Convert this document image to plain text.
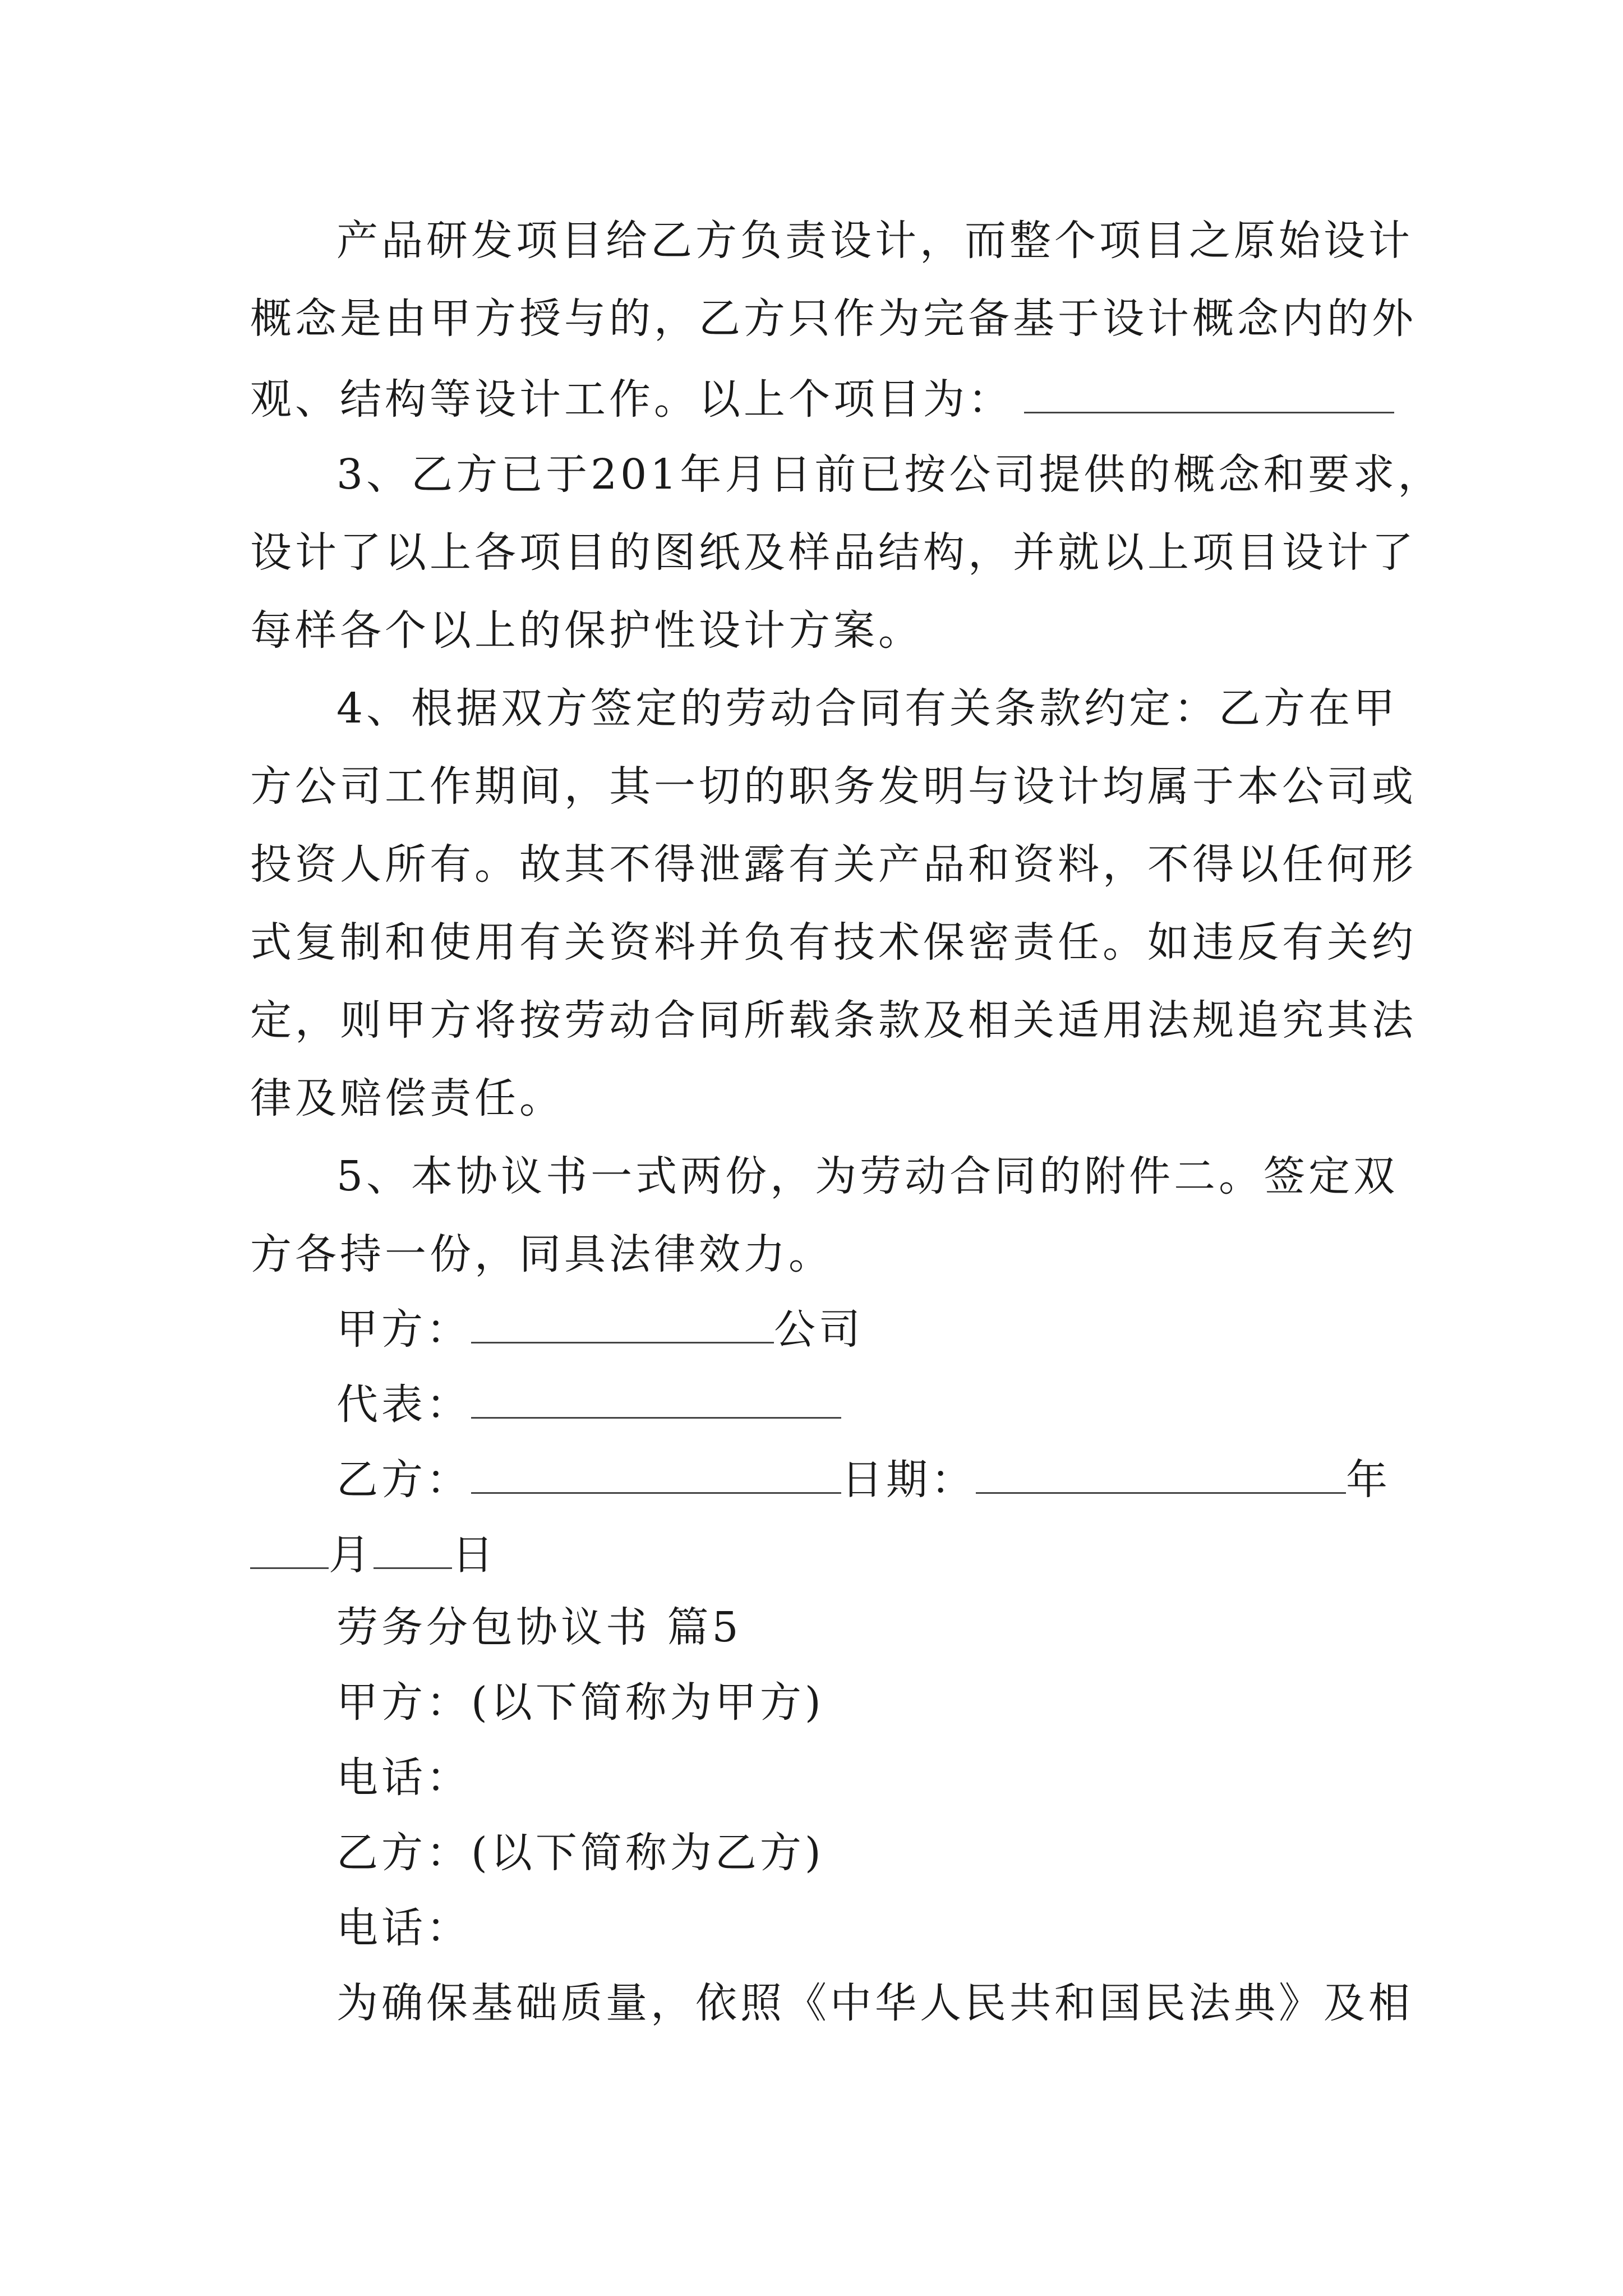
产品研发项目给乙方负责设计，而整个项目之原始设计
概念是由甲方授与的，乙方只作为完备基于设计概念内的外
观、结构等设计工作。以上个项目为：
3、乙方已于201年月日前已按公司提供的概念和要求，
设计了以上各项目的图纸及样品结构，并就以上项目设计了
每样各个以上的保护性设计方案。
4、根据双方签定的劳动合同有关条款约定：乙方在甲
方公司工作期间，其一切的职务发明与设计均属于本公司或
投资人所有。故其不得泄露有关产品和资料，不得以任何形
式复制和使用有关资料并负有技术保密责任。如违反有关约
定，则甲方将按劳动合同所载条款及相关适用法规追究其法
律及赔偿责任。
5、本协议书一式两份，为劳动合同的附件二。签定双
方各持一份，同具法律效力。
甲方：	公司
代表：
乙方：	日期：	年
月 日
劳务分包协议书 篇5
甲方：(以下简称为甲方)
电话：
乙方：(以下简称为乙方)
电话：
为确保基础质量，依照《中华人民共和国民法典》及相
